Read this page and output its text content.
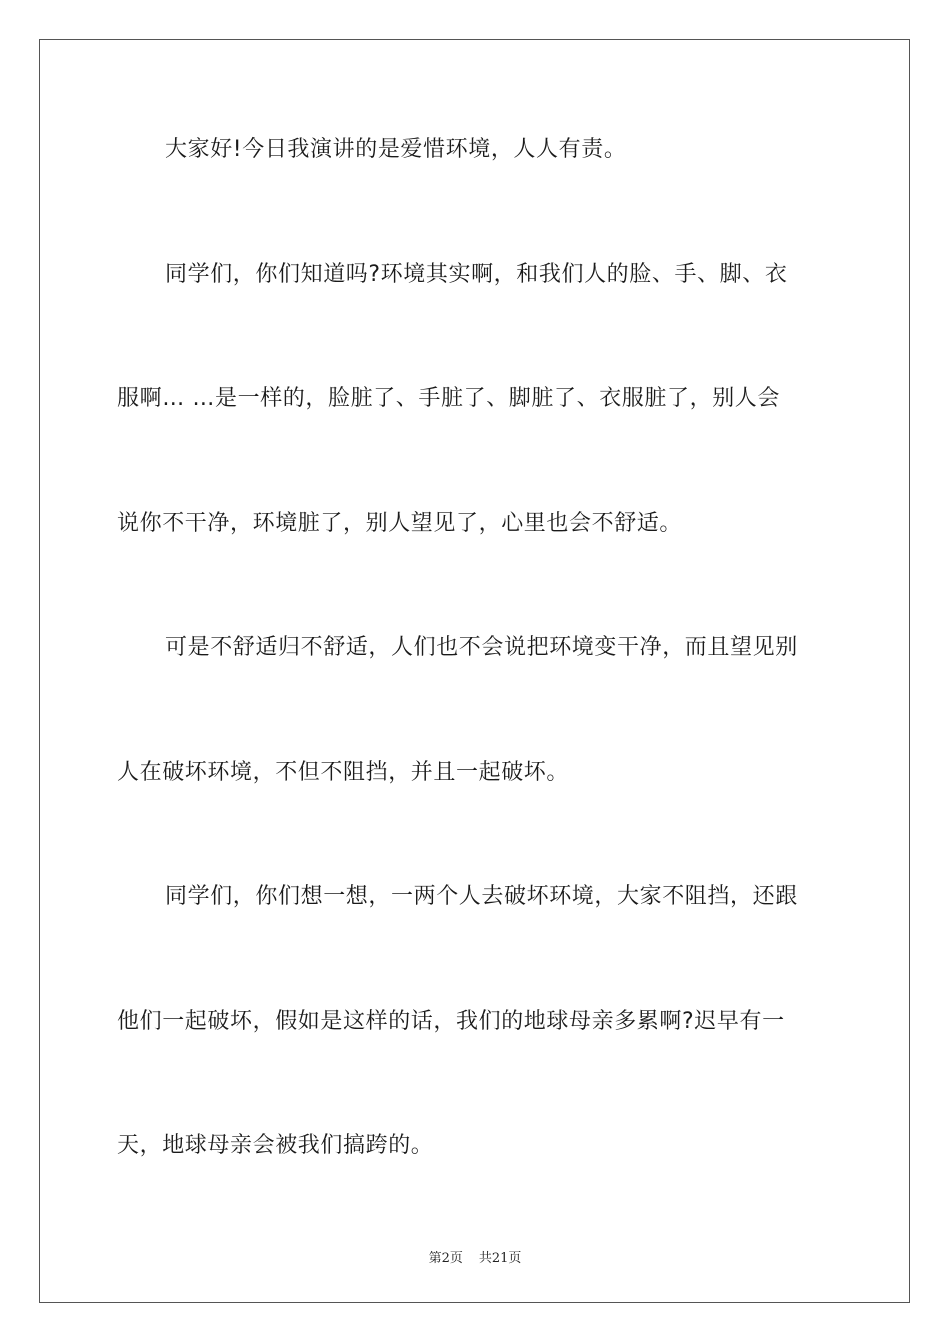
大家好!今日我演讲的是爱惜环境，人人有责。
同学们，你们知道吗?环境其实啊，和我们人的脸、手、脚、衣
服啊… …是一样的，脸脏了、手脏了、脚脏了、衣服脏了，别人会
说你不干净，环境脏了，别人望见了，心里也会不舒适。
可是不舒适归不舒适，人们也不会说把环境变干净，而且望见别
人在破坏环境，不但不阻挡，并且一起破坏。
同学们，你们想一想，一两个人去破坏环境，大家不阻挡，还跟
他们一起破坏，假如是这样的话，我们的地球母亲多累啊?迟早有一
天，地球母亲会被我们搞跨的。
第2页 共21页
